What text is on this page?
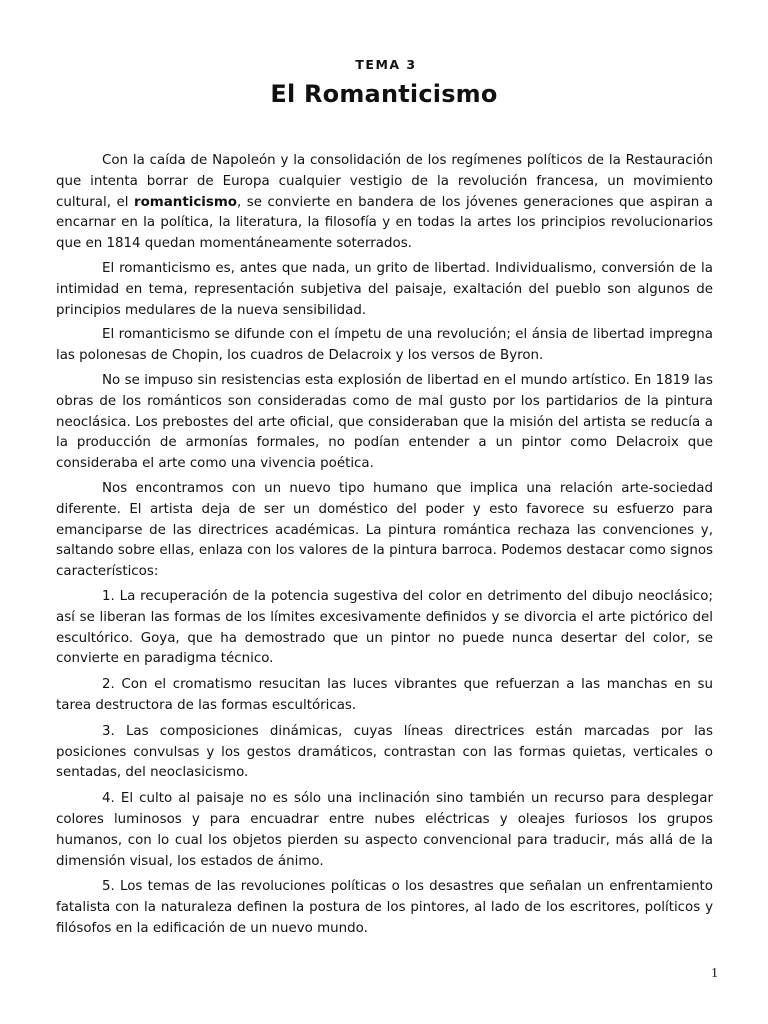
TEMA 3
El Romanticismo

Con la caída de Napoleón y la consolidación de los regímenes políticos de la Restauración que intenta borrar de Europa cualquier vestigio de la revolución francesa, un movimiento cultural, el romanticismo, se convierte en bandera de los jóvenes generaciones que aspiran a encarnar en la política, la literatura, la filosofía y en todas la artes los principios revolucionarios que en 1814 quedan momentáneamente soterrados.

El romanticismo es, antes que nada, un grito de libertad. Individualismo, conversión de la intimidad en tema, representación subjetiva del paisaje, exaltación del pueblo son algunos de principios medulares de la nueva sensibilidad.

El romanticismo se difunde con el ímpetu de una revolución; el ánsia de libertad impregna las polonesas de Chopin, los cuadros de Delacroix y los versos de Byron.

No se impuso sin resistencias esta explosión de libertad en el mundo artístico. En 1819 las obras de los románticos son consideradas como de mal gusto por los partidarios de la pintura neoclásica. Los prebostes del arte oficial, que consideraban que la misión del artista se reducía a la producción de armonías formales, no podían entender a un pintor como Delacroix que consideraba el arte como una vivencia poética.

Nos encontramos con un nuevo tipo humano que implica una relación arte-sociedad diferente. El artista deja de ser un doméstico del poder y esto favorece su esfuerzo para emanciparse de las directrices académicas. La pintura romántica rechaza las convenciones y, saltando sobre ellas, enlaza con los valores de la pintura barroca. Podemos destacar como signos característicos:

1. La recuperación de la potencia sugestiva del color en detrimento del dibujo neoclásico; así se liberan las formas de los límites excesivamente definidos y se divorcia el arte pictórico del escultórico. Goya, que ha demostrado que un pintor no puede nunca desertar del color, se convierte en paradigma técnico.

2. Con el cromatismo resucitan las luces vibrantes que refuerzan a las manchas en su tarea destructora de las formas escultóricas.

3. Las composiciones dinámicas, cuyas líneas directrices están marcadas por las posiciones convulsas y los gestos dramáticos, contrastan con las formas quietas, verticales o sentadas, del neoclasicismo.

4. El culto al paisaje no es sólo una inclinación sino también un recurso para desplegar colores luminosos y para encuadrar entre nubes eléctricas y oleajes furiosos los grupos humanos, con lo cual los objetos pierden su aspecto convencional para traducir, más allá de la dimensión visual, los estados de ánimo.

5. Los temas de las revoluciones políticas o los desastres que señalan un enfrentamiento fatalista con la naturaleza definen la postura de los pintores, al lado de los escritores, políticos y filósofos en la edificación de un nuevo mundo.

1
